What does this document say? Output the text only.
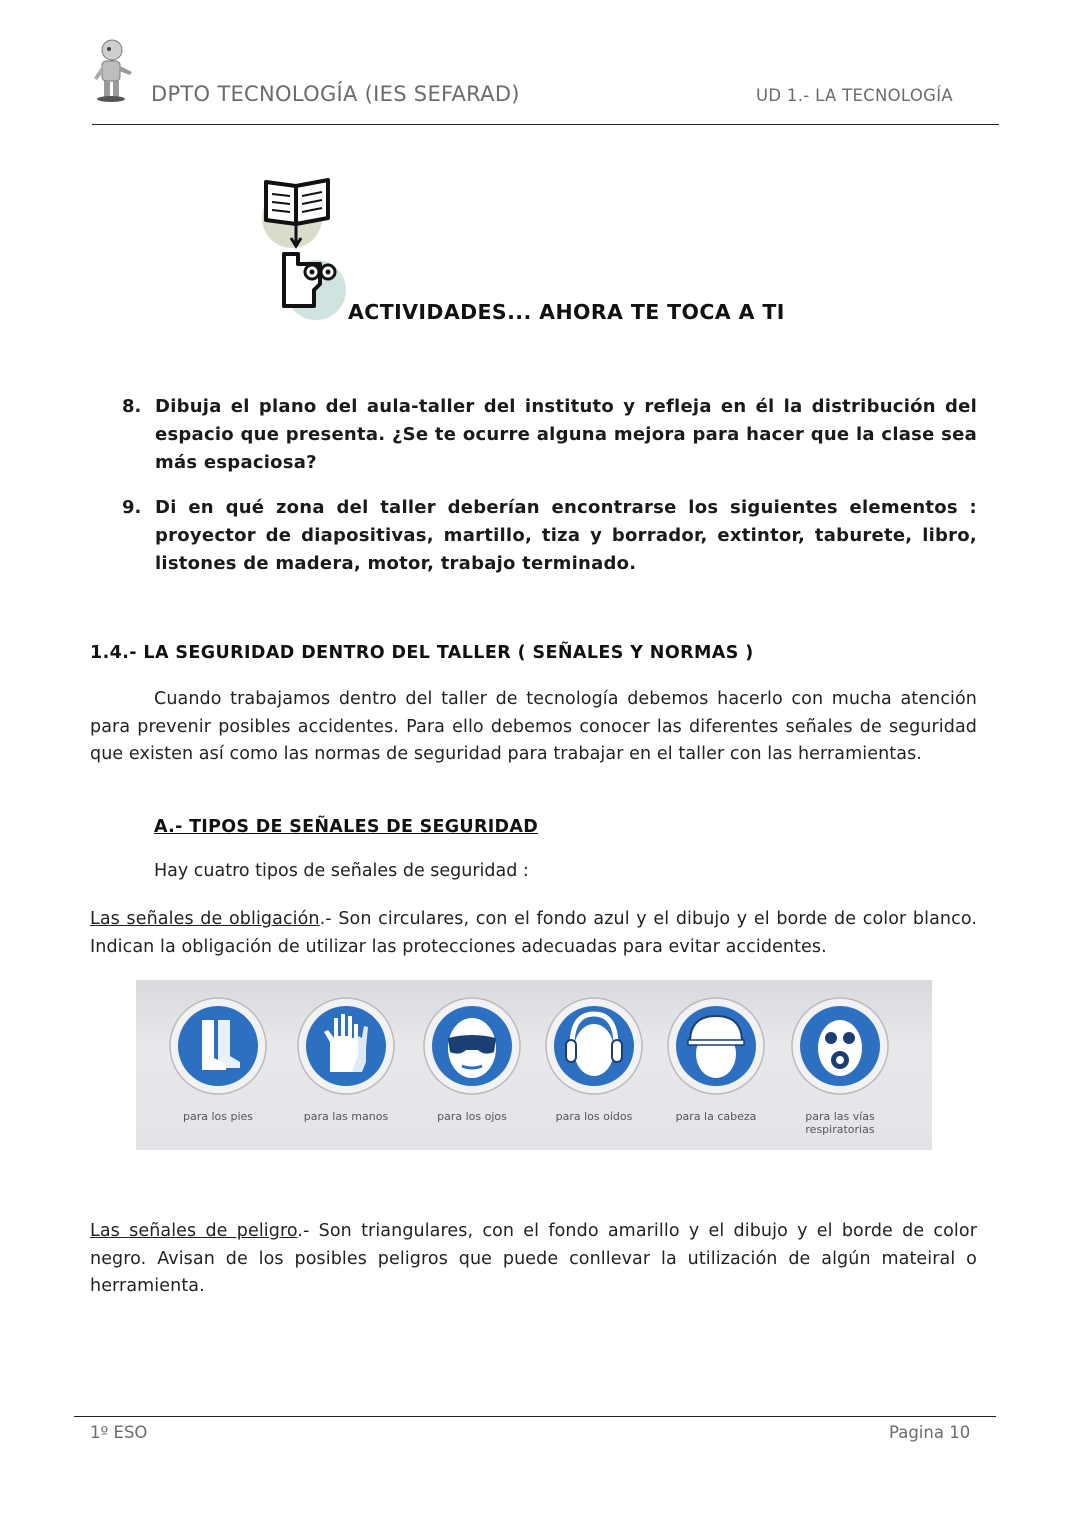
DPTO TECNOLOGÍA (IES SEFARAD)	UD 1.- LA TECNOLOGÍA
ACTIVIDADES... AHORA TE TOCA A TI
8. Dibuja el plano del aula-taller del instituto y refleja en él la distribución del espacio que presenta. ¿Se te ocurre alguna mejora para hacer que la clase sea más espaciosa?
9. Di en qué zona del taller deberían encontrarse los siguientes elementos : proyector de diapositivas, martillo, tiza y borrador, extintor, taburete, libro, listones de madera, motor, trabajo terminado.
1.4.- LA SEGURIDAD DENTRO DEL TALLER ( SEÑALES Y NORMAS )
Cuando trabajamos dentro del taller de tecnología debemos hacerlo con mucha atención para prevenir posibles accidentes. Para ello debemos conocer las diferentes señales de seguridad que existen así como las normas de seguridad para trabajar en el taller con las herramientas.
A.- TIPOS DE SEÑALES DE SEGURIDAD
Hay cuatro tipos de señales de seguridad :
Las señales de obligación.- Son circulares, con el fondo azul y el dibujo y el borde de color blanco. Indican la obligación de utilizar las protecciones adecuadas para evitar accidentes.
para los pies	para las manos	para los ojos	para los oídos	para la cabeza	para las vías respiratorias
Las señales de peligro.- Son triangulares, con el fondo amarillo y el dibujo y el borde de color negro. Avisan de los posibles peligros que puede conllevar la utilización de algún mateiral o herramienta.
1º ESO	Pagina 10
